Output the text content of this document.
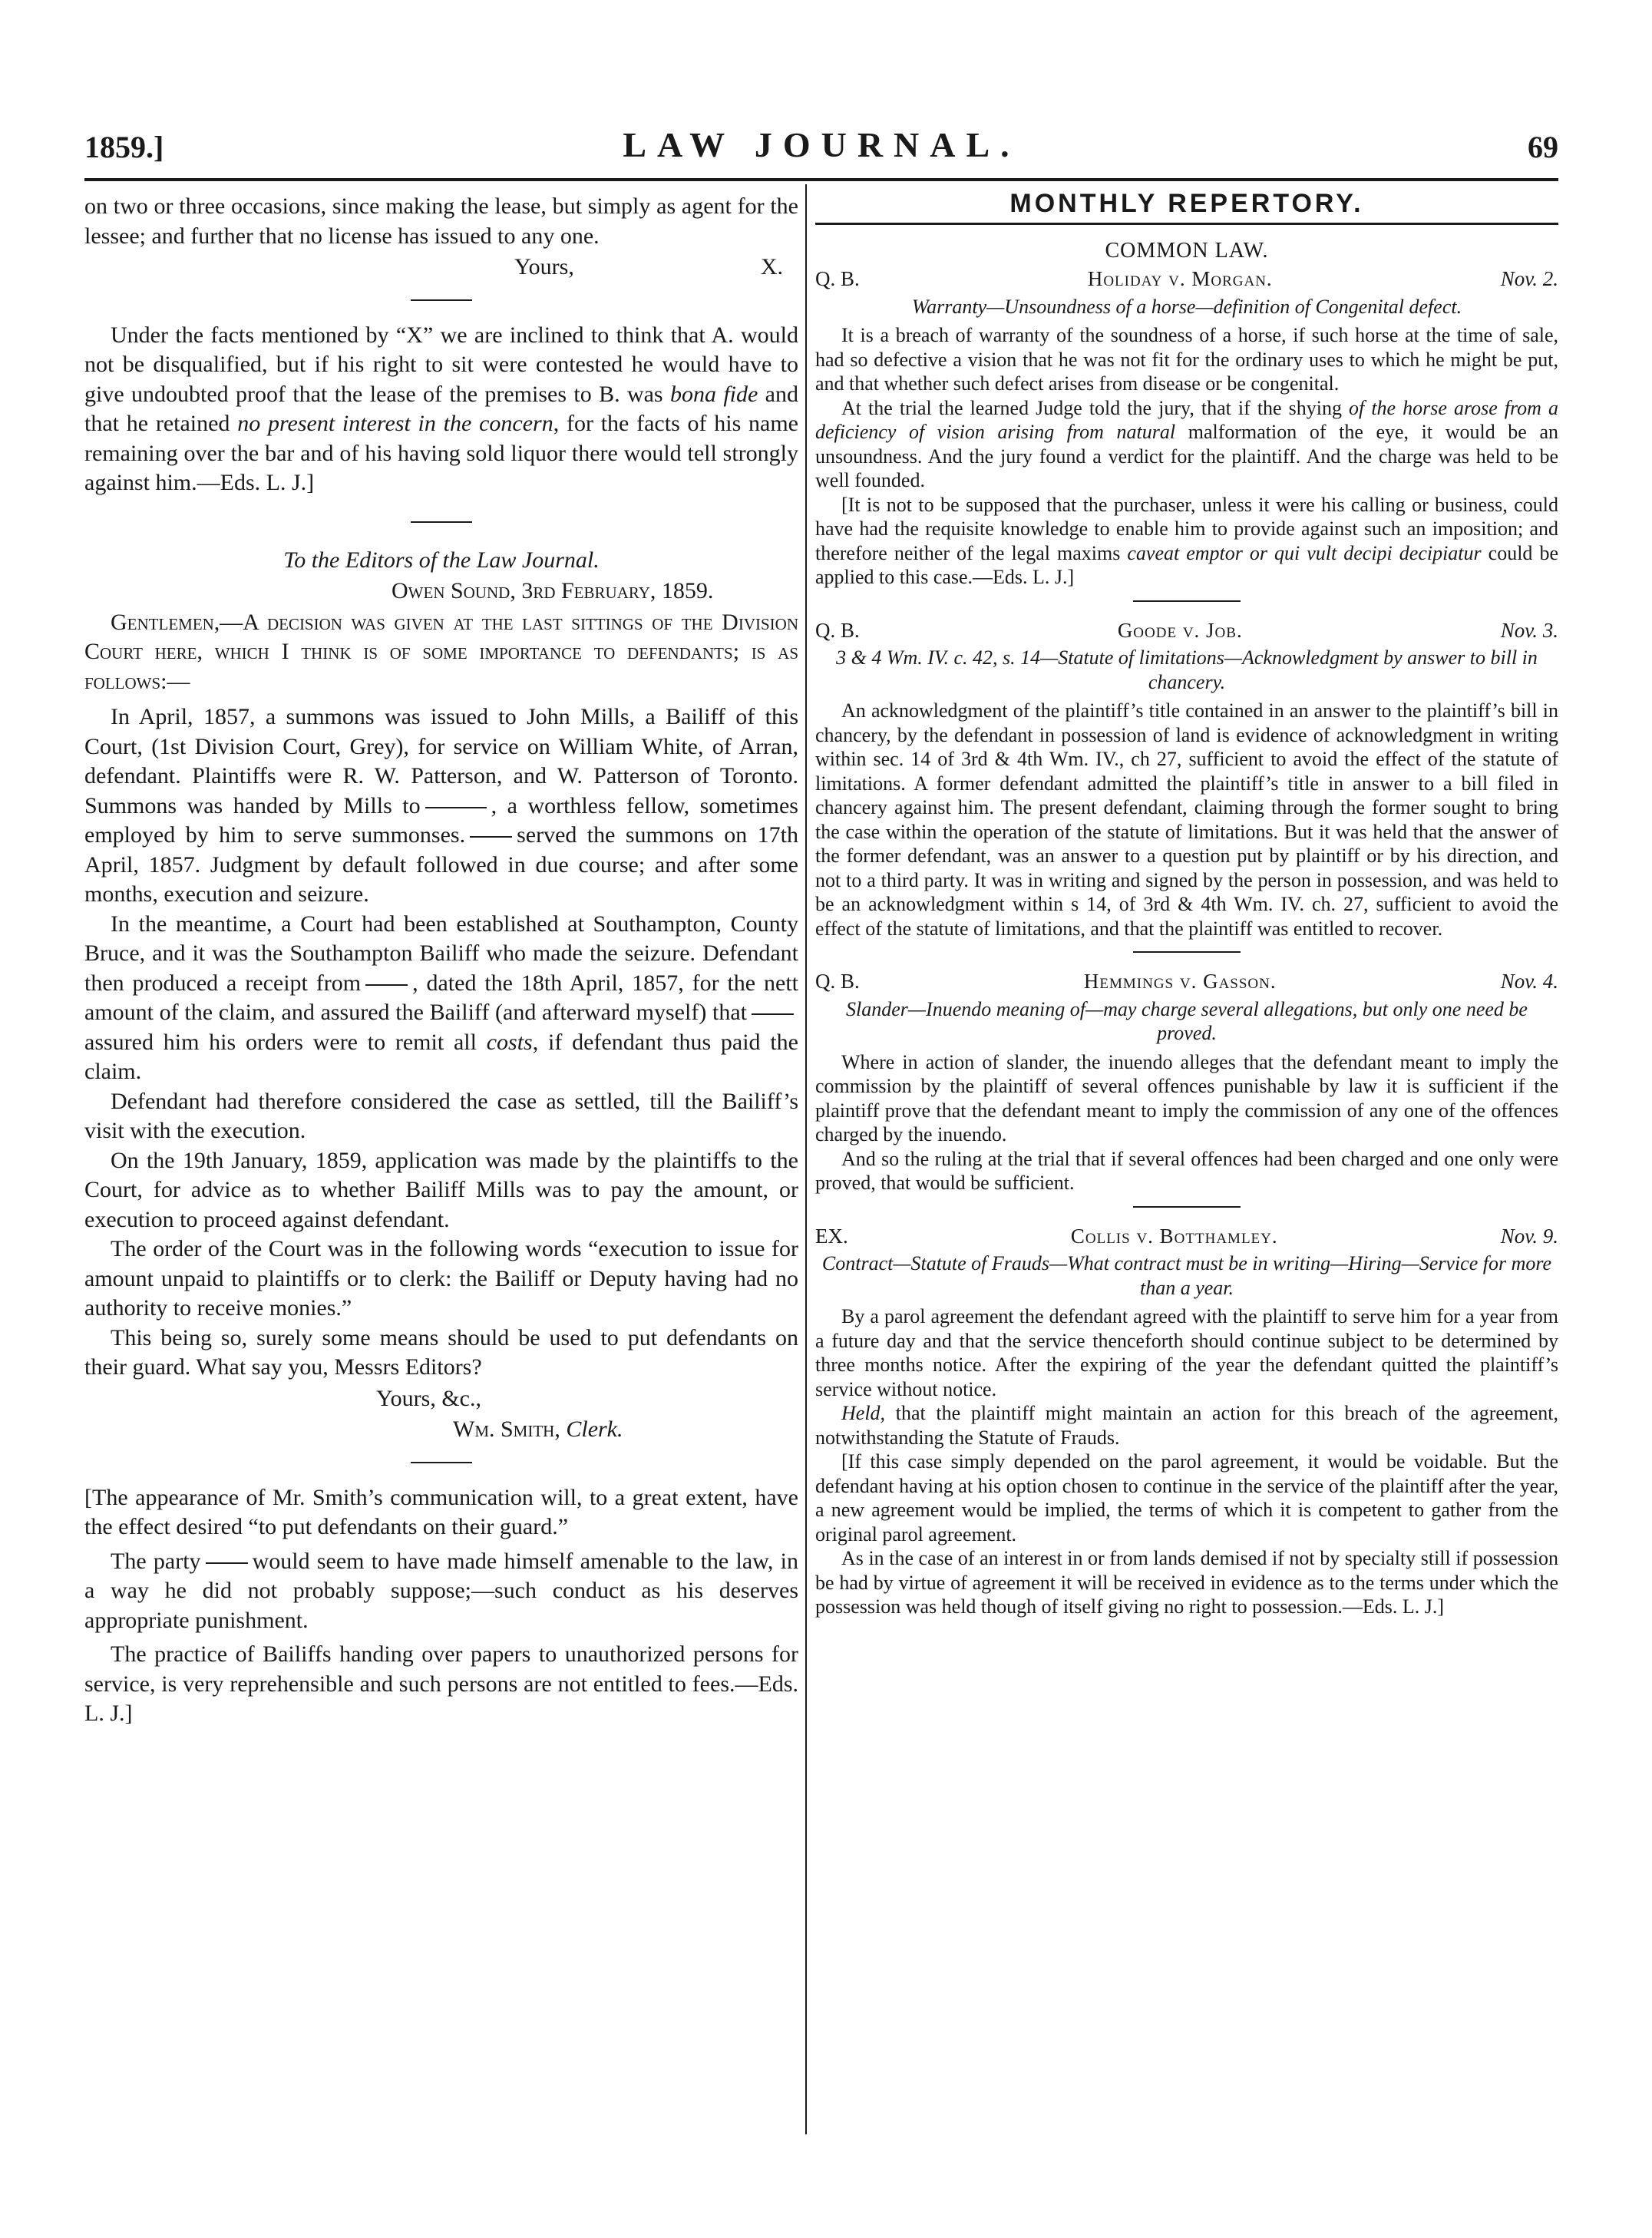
1859.]	LAW JOURNAL.	69

on two or three occasions, since making the lease, but simply as agent for the lessee; and further that no license has issued to any one.

Yours,	X.

Under the facts mentioned by “X” we are inclined to think that A. would not be disqualified, but if his right to sit were contested he would have to give undoubted proof that the lease of the premises to B. was bona fide and that he retained no present interest in the concern, for the facts of his name remaining over the bar and of his having sold liquor there would tell strongly against him.—Eds. L. J.]

To the Editors of the Law Journal.

Owen Sound, 3rd February, 1859.

Gentlemen,—A decision was given at the last sittings of the Division Court here, which I think is of some importance to defendants; is as follows:—

In April, 1857, a summons was issued to John Mills, a Bailiff of this Court, (1st Division Court, Grey), for service on William White, of Arran, defendant. Plaintiffs were R. W. Patterson, and W. Patterson of Toronto. Summons was handed by Mills to	, a worthless fellow, sometimes employed by him to serve summonses. served the summons on 17th April, 1857. Judgment by default followed in due course; and after some months, execution and seizure.

In the meantime, a Court had been established at Southampton, County Bruce, and it was the Southampton Bailiff who made the seizure. Defendant then produced a receipt from , dated the 18th April, 1857, for the nett amount of the claim, and assured the Bailiff (and afterward myself) thatassured him his orders were to remit all costs, if defendant thus paid the claim.

Defendant had therefore considered the case as settled, till the Bailiff’s visit with the execution.

On the 19th January, 1859, application was made by the plaintiffs to the Court, for advice as to whether Bailiff Mills was to pay the amount, or execution to proceed against defendant.

The order of the Court was in the following words “execution to issue for amount unpaid to plaintiffs or to clerk: the Bailiff or Deputy having had no authority to receive monies.”

This being so, surely some means should be used to put defendants on their guard. What say you, Messrs Editors?

Yours, &c.,

Wm. Smith, Clerk.

[The appearance of Mr. Smith’s communication will, to a great extent, have the effect desired “to put defendants on their guard.”

The party would seem to have made himself amenable to the law, in a way he did not probably suppose;—such conduct as his deserves appropriate punishment.

The practice of Bailiffs handing over papers to unauthorized persons for service, is very reprehensible and such persons are not entitled to fees.—Eds. L. J.]

MONTHLY REPERTORY.
COMMON LAW.
Q. B.	Holiday v. Morgan.	Nov. 2.

Warranty—Unsoundness of a horse—definition of Congenital defect.

It is a breach of warranty of the soundness of a horse, if such horse at the time of sale, had so defective a vision that he was not fit for the ordinary uses to which he might be put, and that whether such defect arises from disease or be congenital.

At the trial the learned Judge told the jury, that if the shying of the horse arose from a deficiency of vision arising from natural malformation of the eye, it would be an unsoundness. And the jury found a verdict for the plaintiff. And the charge was held to be well founded.

[It is not to be supposed that the purchaser, unless it were his calling or business, could have had the requisite knowledge to enable him to provide against such an imposition; and therefore neither of the legal maxims caveat emptor or qui vult decipi decipiatur could be applied to this case.—Eds. L. J.]

Q. B.	Goode v. Job.	Nov. 3.

3 & 4 Wm. IV. c. 42, s. 14—Statute of limitations—Acknowledgment by answer to bill in chancery.

An acknowledgment of the plaintiff’s title contained in an answer to the plaintiff’s bill in chancery, by the defendant in possession of land is evidence of acknowledgment in writing within sec. 14 of 3rd & 4th Wm. IV., ch 27, sufficient to avoid the effect of the statute of limitations. A former defendant admitted the plaintiff’s title in answer to a bill filed in chancery against him. The present defendant, claiming through the former sought to bring the case within the operation of the statute of limitations. But it was held that the answer of the former defendant, was an answer to a question put by plaintiff or by his direction, and not to a third party. It was in writing and signed by the person in possession, and was held to be an acknowledgment within s 14, of 3rd & 4th Wm. IV. ch. 27, sufficient to avoid the effect of the statute of limitations, and that the plaintiff was entitled to recover.

Q. B.	Hemmings v. Gasson.	Nov. 4.

Slander—Inuendo meaning of—may charge several allegations, but only one need be proved.

Where in action of slander, the inuendo alleges that the defendant meant to imply the commission by the plaintiff of several offences punishable by law it is sufficient if the plaintiff prove that the defendant meant to imply the commission of any one of the offences charged by the inuendo.

And so the ruling at the trial that if several offences had been charged and one only were proved, that would be sufficient.

EX.	Collis v. Botthamley.	Nov. 9.

Contract—Statute of Frauds—What contract must be in writing—Hiring—Service for more than a year.

By a parol agreement the defendant agreed with the plaintiff to serve him for a year from a future day and that the service thenceforth should continue subject to be determined by three months notice. After the expiring of the year the defendant quitted the plaintiff’s service without notice.

Held, that the plaintiff might maintain an action for this breach of the agreement, notwithstanding the Statute of Frauds.

[If this case simply depended on the parol agreement, it would be voidable. But the defendant having at his option chosen to continue in the service of the plaintiff after the year, a new agreement would be implied, the terms of which it is competent to gather from the original parol agreement.

As in the case of an interest in or from lands demised if not by specialty still if possession be had by virtue of agreement it will be received in evidence as to the terms under which the possession was held though of itself giving no right to possession.—Eds. L. J.]
